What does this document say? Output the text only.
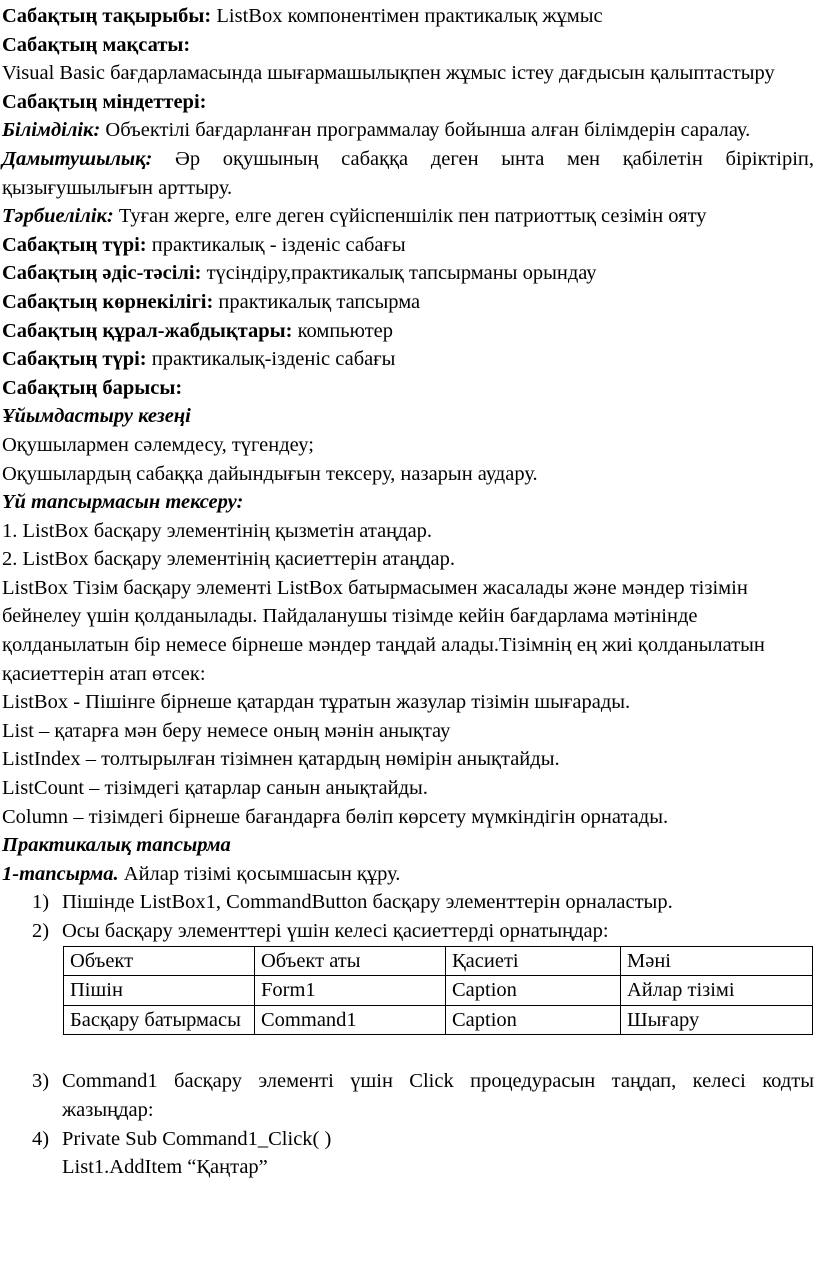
Сабақтың тақырыбы: ListBox компонентімен практикалық жұмыс

Сабақтың мақсаты:

Visual Basic бағдарламасында шығармашылықпен жұмыс істеу дағдысын қалыптастыру

Сабақтың міндеттері:

Білімділік: Объектілі бағдарланған программалау бойынша алған білімдерін саралау.

Дамытушылық: Әр оқушының сабаққа деген ынта мен қабілетін біріктіріп, қызығушылығын арттыру.

Тәрбиелілік: Туған жерге, елге деген сүйіспеншілік пен патриоттық сезімін ояту

Сабақтың түрі: практикалық - ізденіс сабағы

Сабақтың әдіс-тәсілі: түсіндіру,практикалық тапсырманы орындау

Сабақтың көрнекілігі: практикалық тапсырма

Сабақтың құрал-жабдықтары: компьютер

Сабақтың түрі: практикалық-ізденіс сабағы

Сабақтың барысы:

Ұйымдастыру кезеңі

Оқушылармен сәлемдесу, түгендеу;

Оқушылардың сабаққа дайындығын тексеру, назарын аудару.

Үй тапсырмасын тексеру:

1. ListBox басқару элементінің қызметін атаңдар.

2. ListBox басқару элементінің қасиеттерін атаңдар.

ListBox Тізім басқару элементі ListBox батырмасымен жасалады және мәндер тізімін бейнелеу үшін қолданылады. Пайдаланушы тізімде кейін бағдарлама мәтінінде қолданылатын бір немесе бірнеше мәндер таңдай алады.Тізімнің ең жиі қолданылатын қасиеттерін атап өтсек:

ListBox - Пішінге бірнеше қатардан тұратын жазулар тізімін шығарады.

List – қатарға мән беру немесе оның мәнін анықтау

ListIndex – толтырылған тізімнен қатардың нөмірін анықтайды.

ListCount – тізімдегі қатарлар санын анықтайды.

Column – тізімдегі бірнеше бағандарға бөліп көрсету мүмкіндігін орнатады.

Практикалық тапсырма

1-тапсырма. Айлар тізімі қосымшасын құру.

1) Пішінде ListBox1, CommandButton басқару элементтерін орналастыр.
2) Осы басқару элементтері үшін келесі қасиеттерді орнатыңдар:
Объект	Объект аты	Қасиеті	Мәні
Пішін	Form1	Caption	Айлар тізімі
Басқару батырмасы	Command1	Caption	Шығару
3) Command1 басқару элементі үшін Click процедурасын таңдап, келесі кодты жазыңдар:
4) Private Sub Command1_Click( )
List1.AddItem “Қаңтар”
